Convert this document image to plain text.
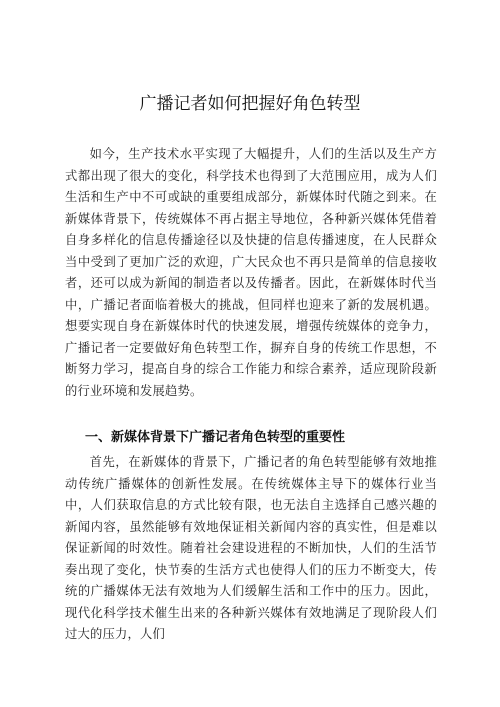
广播记者如何把握好角色转型

如今，生产技术水平实现了大幅提升，人们的生活以及生产方式都出现了很大的变化，科学技术也得到了大范围应用，成为人们生活和生产中不可或缺的重要组成部分，新媒体时代随之到来。在新媒体背景下，传统媒体不再占据主导地位，各种新兴媒体凭借着自身多样化的信息传播途径以及快捷的信息传播速度，在人民群众当中受到了更加广泛的欢迎，广大民众也不再只是简单的信息接收者，还可以成为新闻的制造者以及传播者。因此，在新媒体时代当中，广播记者面临着极大的挑战，但同样也迎来了新的发展机遇。想要实现自身在新媒体时代的快速发展，增强传统媒体的竞争力，广播记者一定要做好角色转型工作，摒弃自身的传统工作思想，不断努力学习，提高自身的综合工作能力和综合素养，适应现阶段新的行业环境和发展趋势。

一、新媒体背景下广播记者角色转型的重要性

首先，在新媒体的背景下，广播记者的角色转型能够有效地推动传统广播媒体的创新性发展。在传统媒体主导下的媒体行业当中，人们获取信息的方式比较有限，也无法自主选择自己感兴趣的新闻内容，虽然能够有效地保证相关新闻内容的真实性，但是难以保证新闻的时效性。随着社会建设进程的不断加快，人们的生活节奏出现了变化，快节奏的生活方式也使得人们的压力不断变大，传统的广播媒体无法有效地为人们缓解生活和工作中的压力。因此，现代化科学技术催生出来的各种新兴媒体有效地满足了现阶段人们过大的压力，人们
